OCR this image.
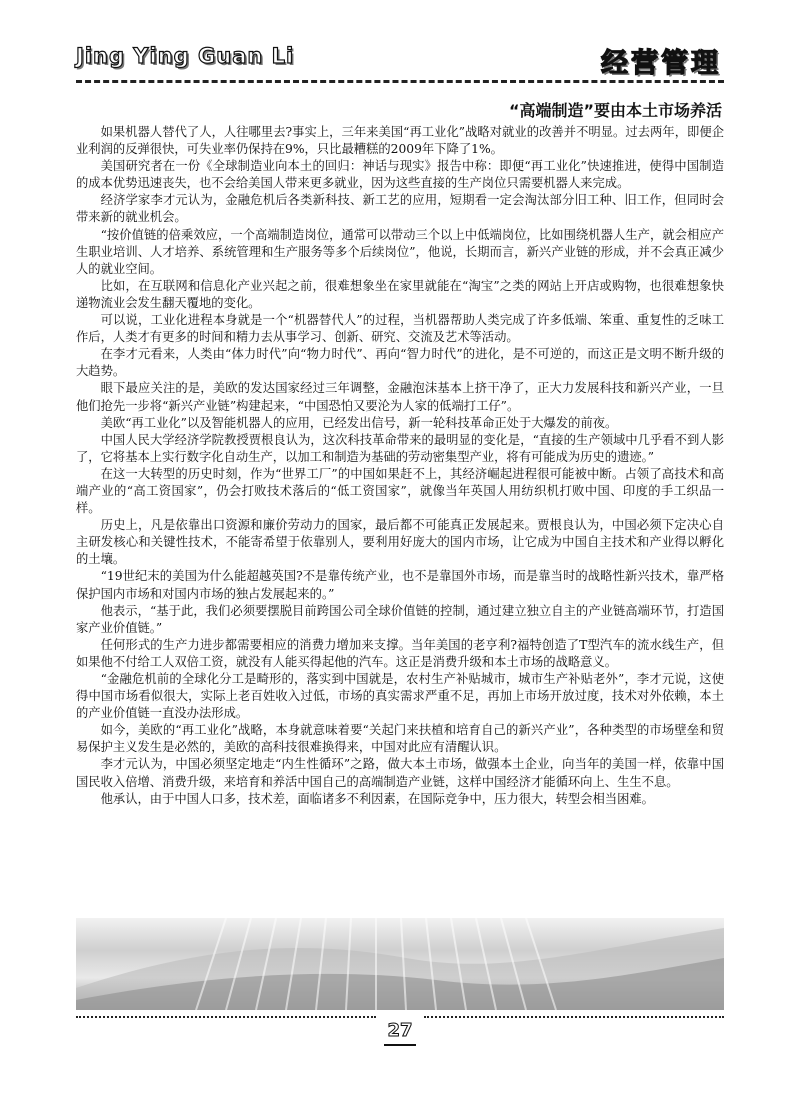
Jing Ying Guan Li	经营管理
“高端制造”要由本土市场养活

如果机器人替代了人，人往哪里去?事实上，三年来美国“再工业化”战略对就业的改善并不明显。过去两年，即便企业利润的反弹很快，可失业率仍保持在9%，只比最糟糕的2009年下降了1%。

美国研究者在一份《全球制造业向本土的回归：神话与现实》报告中称：即便“再工业化”快速推进，使得中国制造的成本优势迅速丧失，也不会给美国人带来更多就业，因为这些直接的生产岗位只需要机器人来完成。

经济学家李才元认为，金融危机后各类新科技、新工艺的应用，短期看一定会淘汰部分旧工种、旧工作，但同时会带来新的就业机会。

“按价值链的倍乘效应，一个高端制造岗位，通常可以带动三个以上中低端岗位，比如围绕机器人生产，就会相应产生职业培训、人才培养、系统管理和生产服务等多个后续岗位”，他说，长期而言，新兴产业链的形成，并不会真正减少人的就业空间。

比如，在互联网和信息化产业兴起之前，很难想象坐在家里就能在“淘宝”之类的网站上开店或购物，也很难想象快递物流业会发生翻天覆地的变化。

可以说，工业化进程本身就是一个“机器替代人”的过程，当机器帮助人类完成了许多低端、笨重、重复性的乏味工作后，人类才有更多的时间和精力去从事学习、创新、研究、交流及艺术等活动。

在李才元看来，人类由“体力时代”向“物力时代”、再向“智力时代”的进化，是不可逆的，而这正是文明不断升级的大趋势。

眼下最应关注的是，美欧的发达国家经过三年调整，金融泡沫基本上挤干净了，正大力发展科技和新兴产业，一旦他们抢先一步将“新兴产业链”构建起来，“中国恐怕又要沦为人家的低端打工仔”。

美欧“再工业化”以及智能机器人的应用，已经发出信号，新一轮科技革命正处于大爆发的前夜。

中国人民大学经济学院教授贾根良认为，这次科技革命带来的最明显的变化是，“直接的生产领域中几乎看不到人影了，它将基本上实行数字化自动生产，以加工和制造为基础的劳动密集型产业，将有可能成为历史的遗迹。”

在这一大转型的历史时刻，作为“世界工厂”的中国如果赶不上，其经济崛起进程很可能被中断。占领了高技术和高端产业的“高工资国家”，仍会打败技术落后的“低工资国家”，就像当年英国人用纺织机打败中国、印度的手工织品一样。

历史上，凡是依靠出口资源和廉价劳动力的国家，最后都不可能真正发展起来。贾根良认为，中国必须下定决心自主研发核心和关键性技术，不能寄希望于依靠别人，要利用好庞大的国内市场，让它成为中国自主技术和产业得以孵化的土壤。

“19世纪末的美国为什么能超越英国?不是靠传统产业，也不是靠国外市场，而是靠当时的战略性新兴技术，靠严格保护国内市场和对国内市场的独占发展起来的。”

他表示，“基于此，我们必须要摆脱目前跨国公司全球价值链的控制，通过建立独立自主的产业链高端环节，打造国家产业价值链。”

任何形式的生产力进步都需要相应的消费力增加来支撑。当年美国的老亨利?福特创造了T型汽车的流水线生产，但如果他不付给工人双倍工资，就没有人能买得起他的汽车。这正是消费升级和本土市场的战略意义。

“金融危机前的全球化分工是畸形的，落实到中国就是，农村生产补贴城市，城市生产补贴老外”，李才元说，这使得中国市场看似很大，实际上老百姓收入过低，市场的真实需求严重不足，再加上市场开放过度，技术对外依赖，本土的产业价值链一直没办法形成。

如今，美欧的“再工业化”战略，本身就意味着要“关起门来扶植和培育自己的新兴产业”，各种类型的市场壁垒和贸易保护主义发生是必然的，美欧的高科技很难换得来，中国对此应有清醒认识。

李才元认为，中国必须坚定地走“内生性循环”之路，做大本土市场，做强本土企业，向当年的美国一样，依靠中国国民收入倍增、消费升级，来培育和养活中国自己的高端制造产业链，这样中国经济才能循环向上、生生不息。

他承认，由于中国人口多，技术差，面临诸多不利因素，在国际竞争中，压力很大，转型会相当困难。

27
